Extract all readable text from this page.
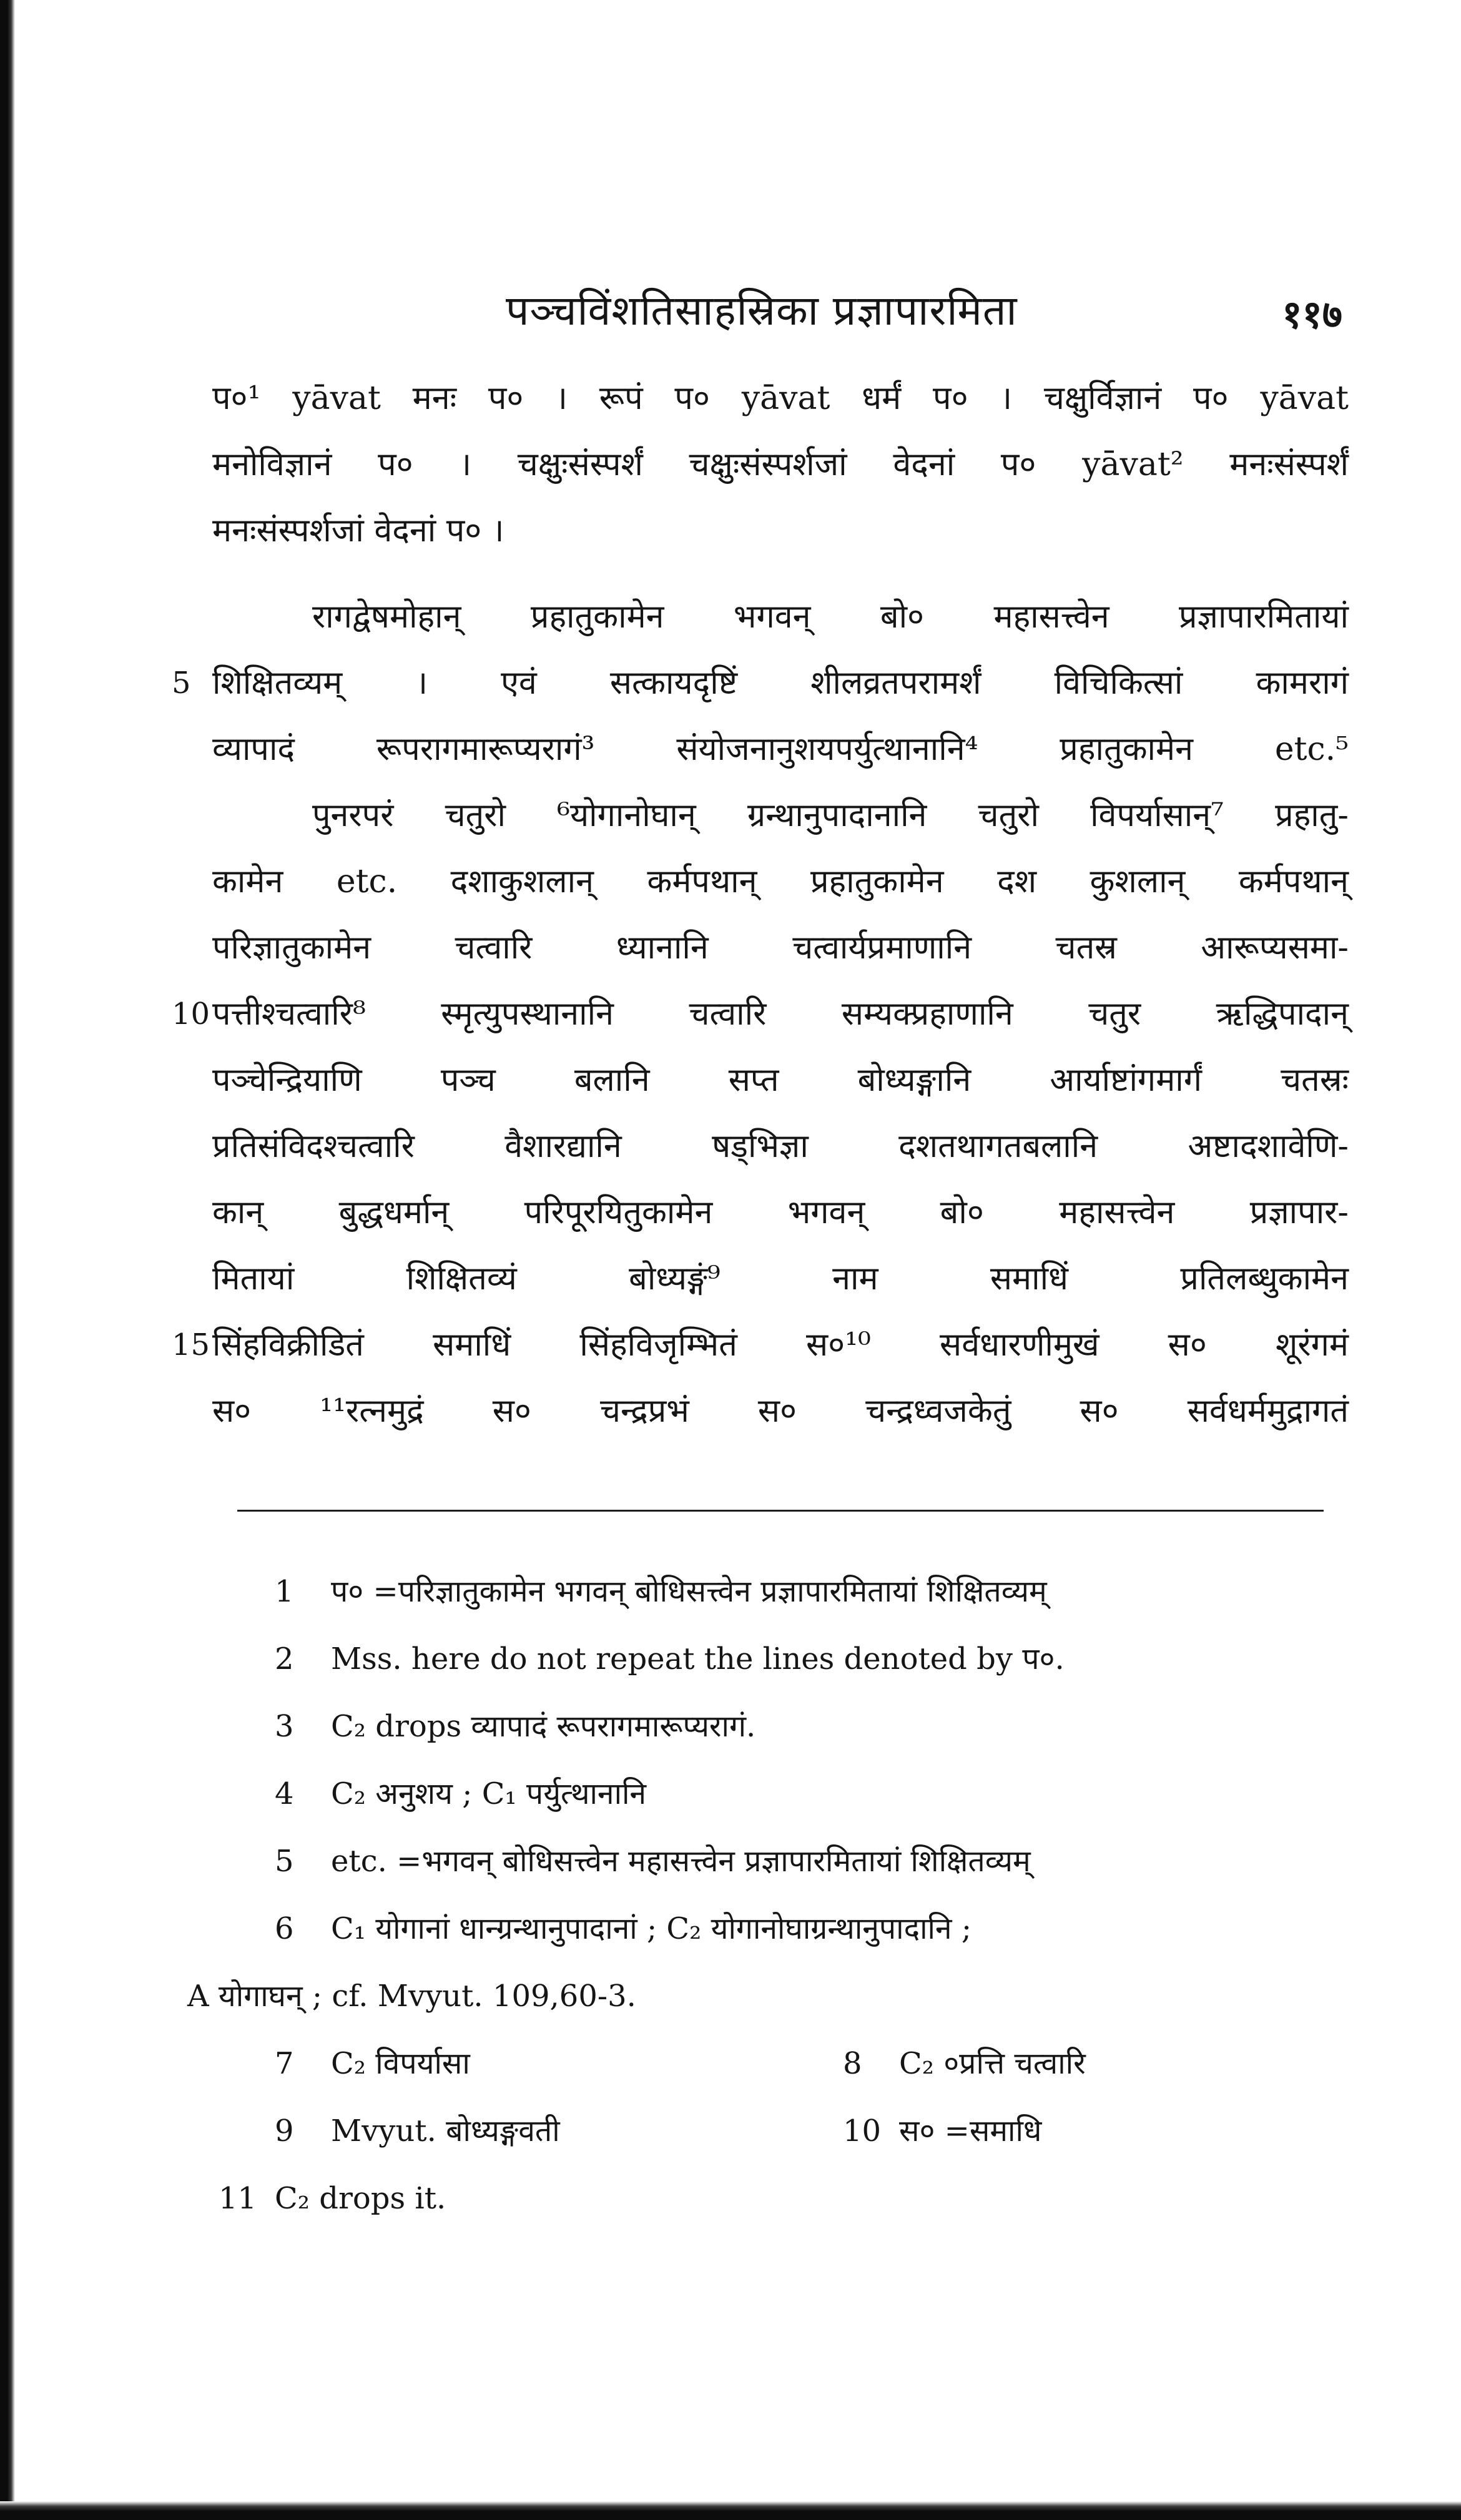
पञ्चविंशतिसाहस्रिका प्रज्ञापारमिता	११७
प०¹ yāvat मनः प० । रूपं प० yāvat धर्मं प० । चक्षुर्विज्ञानं प० yāvat
मनोविज्ञानं प० । चक्षुःसंस्पर्शं चक्षुःसंस्पर्शजां वेदनां प० yāvat² मनःसंस्पर्शं
मनःसंस्पर्शजां वेदनां प० ।
रागद्वेषमोहान् प्रहातुकामेन भगवन् बो० महासत्त्वेन प्रज्ञापारमितायां
5 शिक्षितव्यम् । एवं सत्कायदृष्टिं शीलव्रतपरामर्शं विचिकित्सां कामरागं
व्यापादं रूपरागमारूप्यरागं³ संयोजनानुशयपर्युत्थानानि⁴ प्रहातुकामेन etc.⁵
पुनरपरं चतुरो ⁶योगानोघान् ग्रन्थानुपादानानि चतुरो विपर्यासान्⁷ प्रहातु-
कामेन etc. दशाकुशलान् कर्मपथान् प्रहातुकामेन दश कुशलान् कर्मपथान्
परिज्ञातुकामेन चत्वारि ध्यानानि चत्वार्यप्रमाणानि चतस्र आरूप्यसमा-
10 पत्तीश्चत्वारि⁸ स्मृत्युपस्थानानि चत्वारि सम्यक्प्रहाणानि चतुर ऋद्धिपादान्
पञ्चेन्द्रियाणि पञ्च बलानि सप्त बोध्यङ्गानि आर्याष्टांगमार्गं चतस्रः
प्रतिसंविदश्चत्वारि वैशारद्यानि षड्भिज्ञा दशतथागतबलानि अष्टादशावेणि-
कान् बुद्धधर्मान् परिपूरयितुकामेन भगवन् बो० महासत्त्वेन प्रज्ञापार-
मितायां शिक्षितव्यं बोध्यङ्गं⁹ नाम समाधिं प्रतिलब्धुकामेन
15 सिंहविक्रीडितं समाधिं सिंहविजृम्भितं स०¹⁰ सर्वधारणीमुखं स० शूरंगमं
स० ¹¹रत्नमुद्रं स० चन्द्रप्रभं स० चन्द्रध्वजकेतुं स० सर्वधर्ममुद्रागतं
1	प० =परिज्ञातुकामेन भगवन् बोधिसत्त्वेन प्रज्ञापारमितायां शिक्षितव्यम्
2	Mss. here do not repeat the lines denoted by प०.
3	C₂ drops व्यापादं रूपरागमारूप्यरागं.
4	C₂ अनुशय ; C₁ पर्युत्थानानि
5	etc. =भगवन् बोधिसत्त्वेन महासत्त्वेन प्रज्ञापारमितायां शिक्षितव्यम्
6	C₁ योगानां धान्ग्रन्थानुपादानां ; C₂ योगानोघाग्रन्थानुपादानि ;
A योगाघन् ; cf. Mvyut. 109,60-3.
7 C₂ विपर्यासा	8 C₂ ०प्रत्ति चत्वारि
9 Mvyut. बोध्यङ्गवती	10 स० =समाधि
11 C₂ drops it.
